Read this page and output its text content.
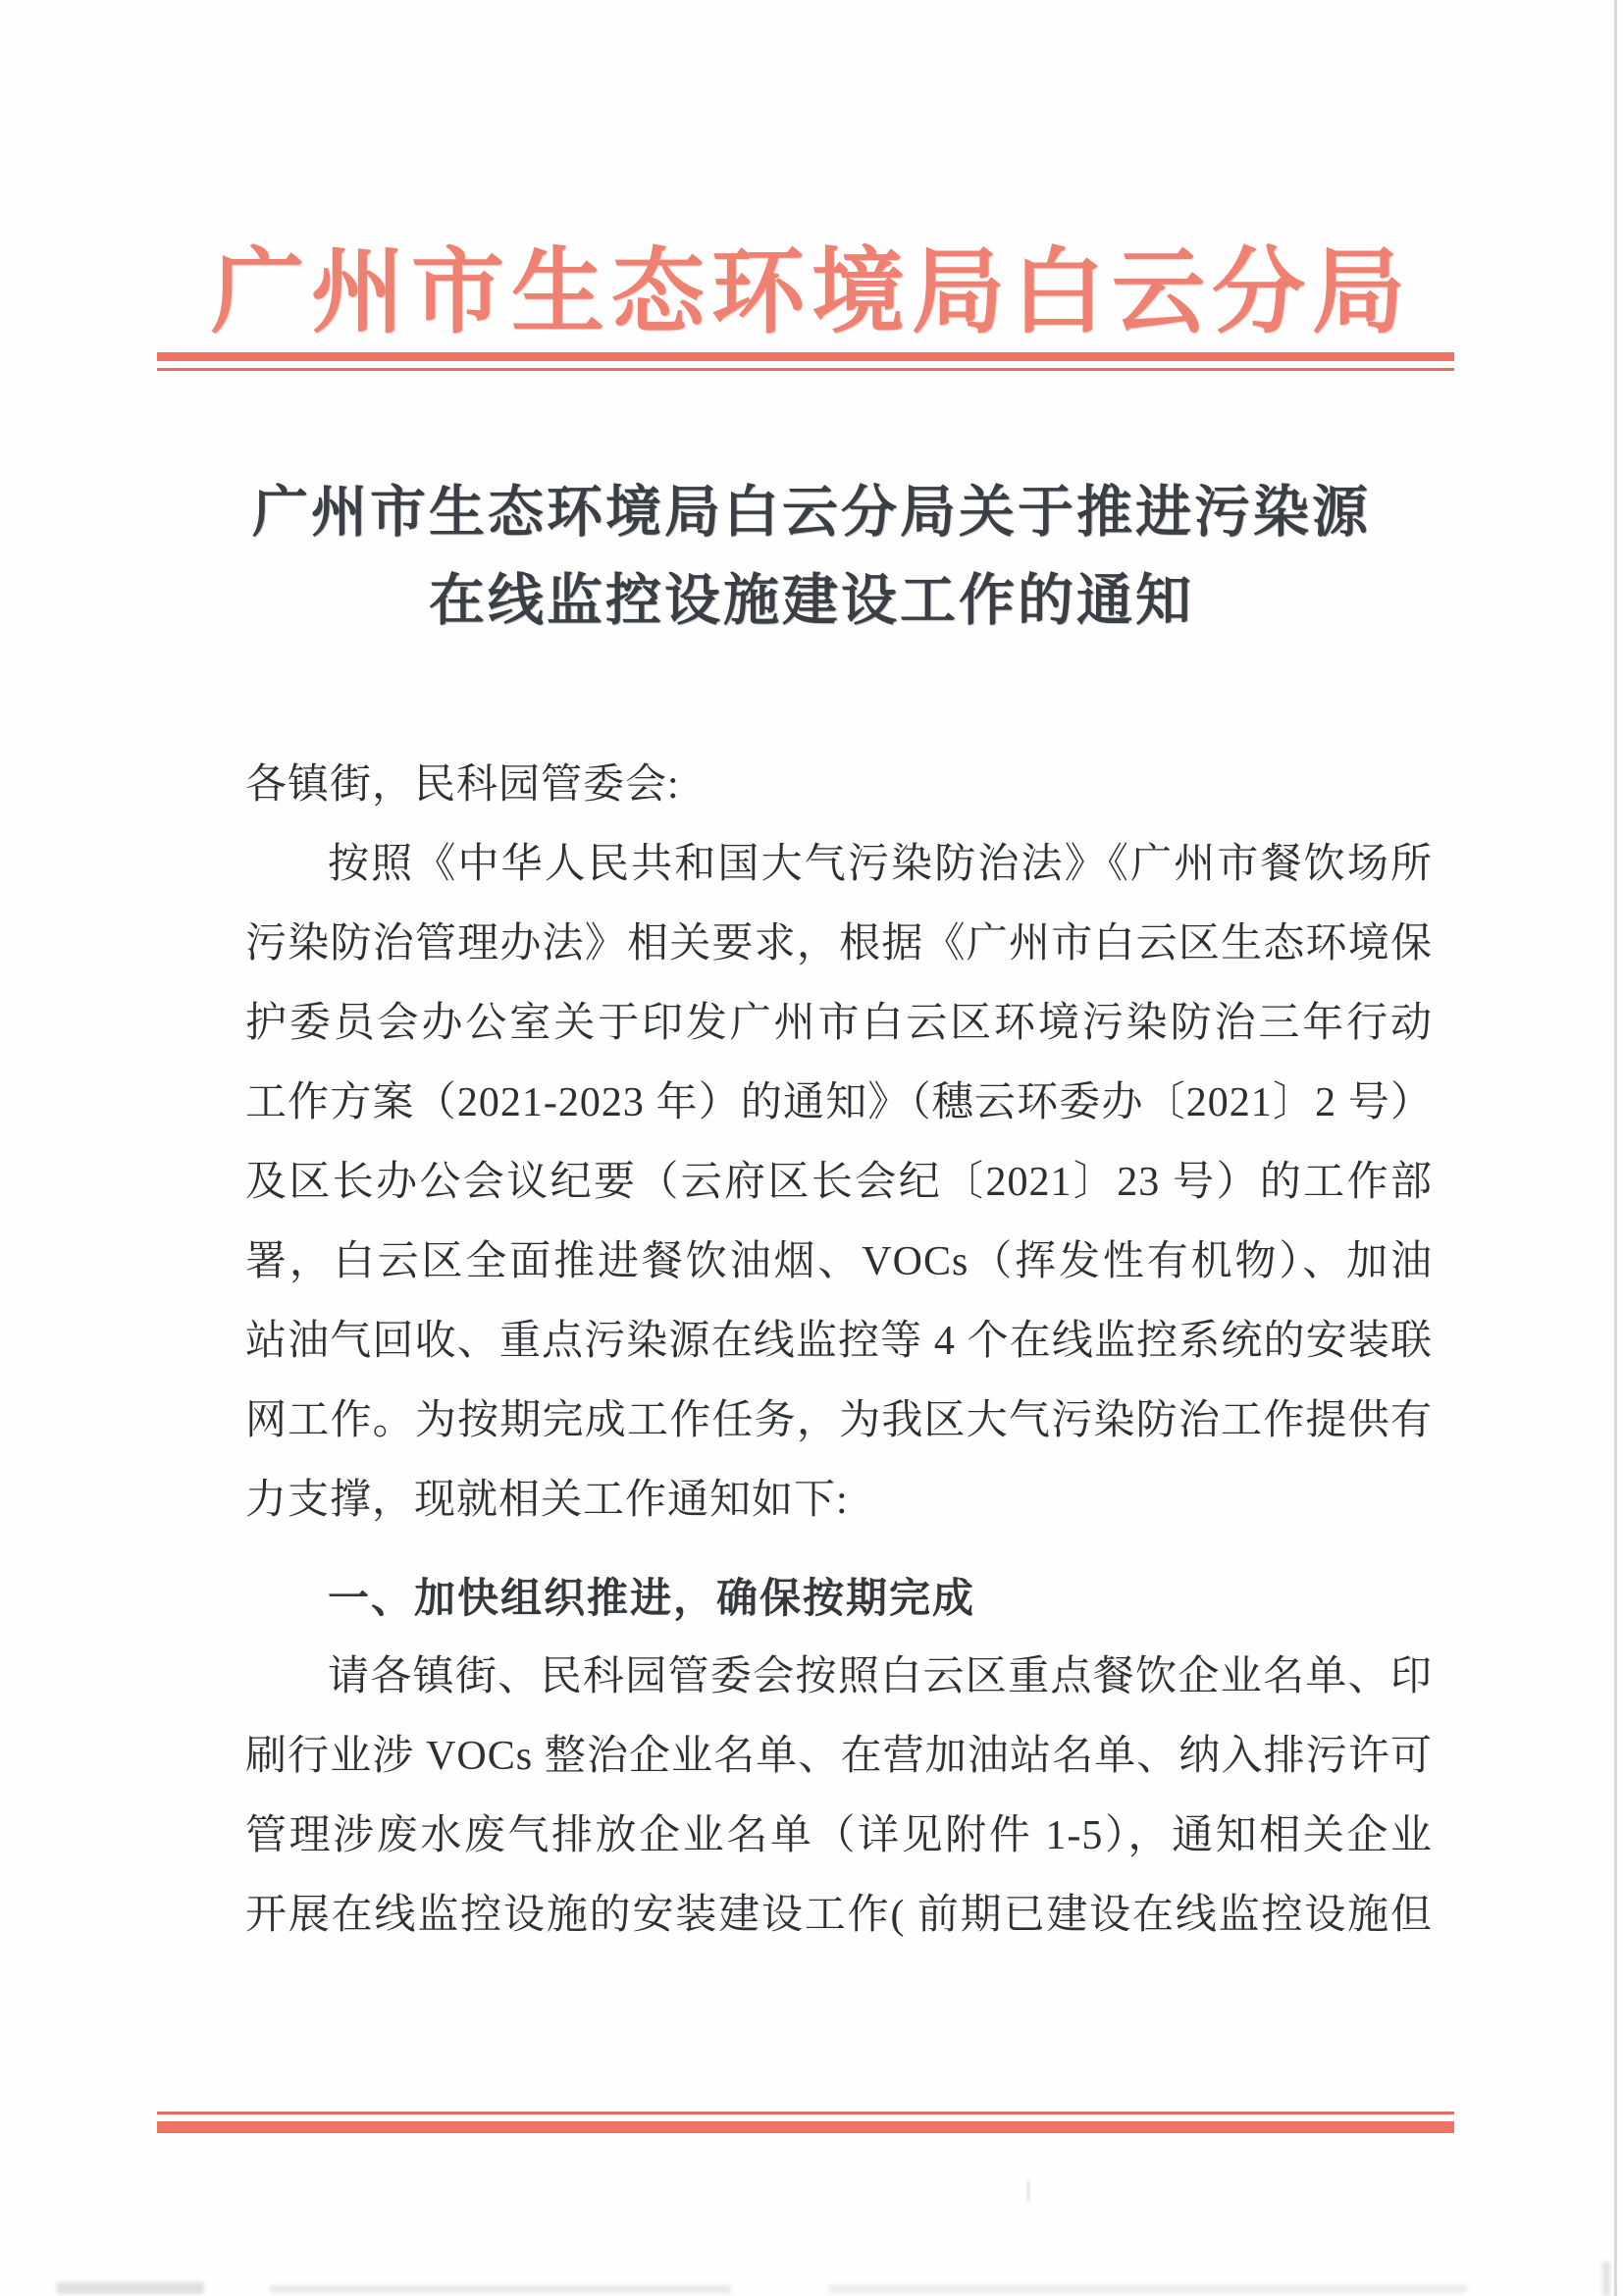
广州市生态环境局白云分局
广州市生态环境局白云分局关于推进污染源
在线监控设施建设工作的通知
各镇街，民科园管委会:
按照《中华人民共和国大气污染防治法》《广州市餐饮场所
污染防治管理办法》相关要求，根据《广州市白云区生态环境保
护委员会办公室关于印发广州市白云区环境污染防治三年行动
工作方案（2021-2023 年）的通知》（穗云环委办〔2021〕2 号）
及区长办公会议纪要（云府区长会纪〔2021〕23 号）的工作部
署，白云区全面推进餐饮油烟、VOCs（挥发性有机物）、加油
站油气回收、重点污染源在线监控等 4 个在线监控系统的安装联
网工作。为按期完成工作任务，为我区大气污染防治工作提供有
力支撑，现就相关工作通知如下:
一、加快组织推进，确保按期完成
请各镇街、民科园管委会按照白云区重点餐饮企业名单、印
刷行业涉 VOCs 整治企业名单、在营加油站名单、纳入排污许可
管理涉废水废气排放企业名单（详见附件 1-5），通知相关企业
开展在线监控设施的安装建设工作( 前期已建设在线监控设施但
